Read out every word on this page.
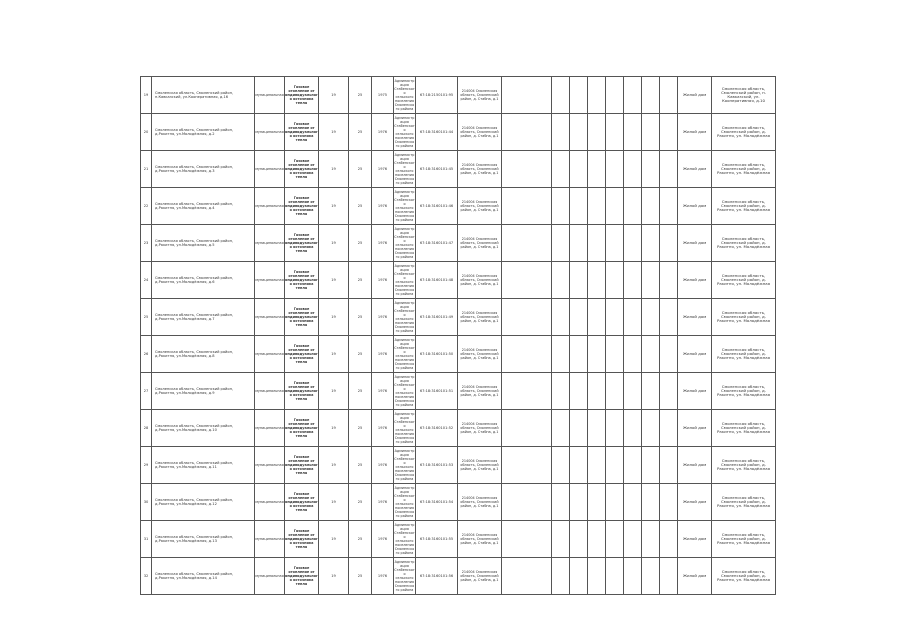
19	Смоленская область, Смоленский район, п.Кавказский, ул.Кооперативная, д.16	муниципальная	Газовое отопление от индивидуального источника тепла	19	25	1975	Администрация Стабенского сельского поселения Смоленского района	67:18:2150101:95	214004 Смоленская область, Смоленский район, д. Стабна, д.1									Жилой дом	Смоленская область, Смоленский район, п. Кавказский, ул. Кооперативная, д.10
20	Смоленская область, Смоленский район, д.Ракитня, ул.Молодёжная, д.2	муниципальная	Газовое отопление от индивидуального источника тепла	19	25	1976	Администрация Стабенского сельского поселения Смоленского района	67:18:3160101:44	214004 Смоленская область, Смоленский район, д. Стабна, д.1									Жилой дом	Смоленская область, Смоленский район, д. Ракитня, ул. Молодёжная
21	Смоленская область, Смоленский район, д.Ракитня, ул.Молодёжная, д.3	муниципальная	Газовое отопление от индивидуального источника тепла	19	25	1976	Администрация Стабенского сельского поселения Смоленского района	67:18:3160101:45	214004 Смоленская область, Смоленский район, д. Стабна, д.1									Жилой дом	Смоленская область, Смоленский район, д. Ракитня, ул. Молодёжная
22	Смоленская область, Смоленский район, д.Ракитня, ул.Молодёжная, д.4	муниципальная	Газовое отопление от индивидуального источника тепла	19	25	1976	Администрация Стабенского сельского поселения Смоленского района	67:18:3160101:46	214004 Смоленская область, Смоленский район, д. Стабна, д.1									Жилой дом	Смоленская область, Смоленский район, д. Ракитня, ул. Молодёжная
23	Смоленская область, Смоленский район, д.Ракитня, ул.Молодёжная, д.5	муниципальная	Газовое отопление от индивидуального источника тепла	19	25	1976	Администрация Стабенского сельского поселения Смоленского района	67:18:3160101:47	214004 Смоленская область, Смоленский район, д. Стабна, д.1									Жилой дом	Смоленская область, Смоленский район, д. Ракитня, ул. Молодёжная
24	Смоленская область, Смоленский район, д.Ракитня, ул.Молодёжная, д.6	муниципальная	Газовое отопление от индивидуального источника тепла	19	25	1976	Администрация Стабенского сельского поселения Смоленского района	67:18:3160101:48	214004 Смоленская область, Смоленский район, д. Стабна, д.1									Жилой дом	Смоленская область, Смоленский район, д. Ракитня, ул. Молодёжная
25	Смоленская область, Смоленский район, д.Ракитня, ул.Молодёжная, д.7	муниципальная	Газовое отопление от индивидуального источника тепла	19	25	1976	Администрация Стабенского сельского поселения Смоленского района	67:18:3160101:49	214004 Смоленская область, Смоленский район, д. Стабна, д.1									Жилой дом	Смоленская область, Смоленский район, д. Ракитня, ул. Молодёжная
26	Смоленская область, Смоленский район, д.Ракитня, ул.Молодёжная, д.8	муниципальная	Газовое отопление от индивидуального источника тепла	19	25	1976	Администрация Стабенского сельского поселения Смоленского района	67:18:3160101:50	214004 Смоленская область, Смоленский район, д. Стабна, д.1									Жилой дом	Смоленская область, Смоленский район, д. Ракитня, ул. Молодёжная
27	Смоленская область, Смоленский район, д.Ракитня, ул.Молодёжная, д.9	муниципальная	Газовое отопление от индивидуального источника тепла	19	25	1976	Администрация Стабенского сельского поселения Смоленского района	67:18:3160101:51	214004 Смоленская область, Смоленский район, д. Стабна, д.1									Жилой дом	Смоленская область, Смоленский район, д. Ракитня, ул. Молодёжная
28	Смоленская область, Смоленский район, д.Ракитня, ул.Молодёжная, д.10	муниципальная	Газовое отопление от индивидуального источника тепла	19	25	1976	Администрация Стабенского сельского поселения Смоленского района	67:18:3160101:52	214004 Смоленская область, Смоленский район, д. Стабна, д.1									Жилой дом	Смоленская область, Смоленский район, д. Ракитня, ул. Молодёжная
29	Смоленская область, Смоленский район, д.Ракитня, ул.Молодёжная, д.11	муниципальная	Газовое отопление от индивидуального источника тепла	19	25	1976	Администрация Стабенского сельского поселения Смоленского района	67:18:3160101:53	214004 Смоленская область, Смоленский район, д. Стабна, д.1									Жилой дом	Смоленская область, Смоленский район, д. Ракитня, ул. Молодёжная
30	Смоленская область, Смоленский район, д.Ракитня, ул.Молодёжная, д.12	муниципальная	Газовое отопление от индивидуального источника тепла	19	25	1976	Администрация Стабенского сельского поселения Смоленского района	67:18:3160101:54	214004 Смоленская область, Смоленский район, д. Стабна, д.1									Жилой дом	Смоленская область, Смоленский район, д. Ракитня, ул. Молодёжная
31	Смоленская область, Смоленский район, д.Ракитня, ул.Молодёжная, д.13	муниципальная	Газовое отопление от индивидуального источника тепла	19	25	1976	Администрация Стабенского сельского поселения Смоленского района	67:18:3160101:55	214004 Смоленская область, Смоленский район, д. Стабна, д.1									Жилой дом	Смоленская область, Смоленский район, д. Ракитня, ул. Молодёжная
32	Смоленская область, Смоленский район, д.Ракитня, ул.Молодёжная, д.14	муниципальная	Газовое отопление от индивидуального источника тепла	19	25	1976	Администрация Стабенского сельского поселения Смоленского района	67:18:3160101:56	214004 Смоленская область, Смоленский район, д. Стабна, д.1									Жилой дом	Смоленская область, Смоленский район, д. Ракитня, ул. Молодёжная
